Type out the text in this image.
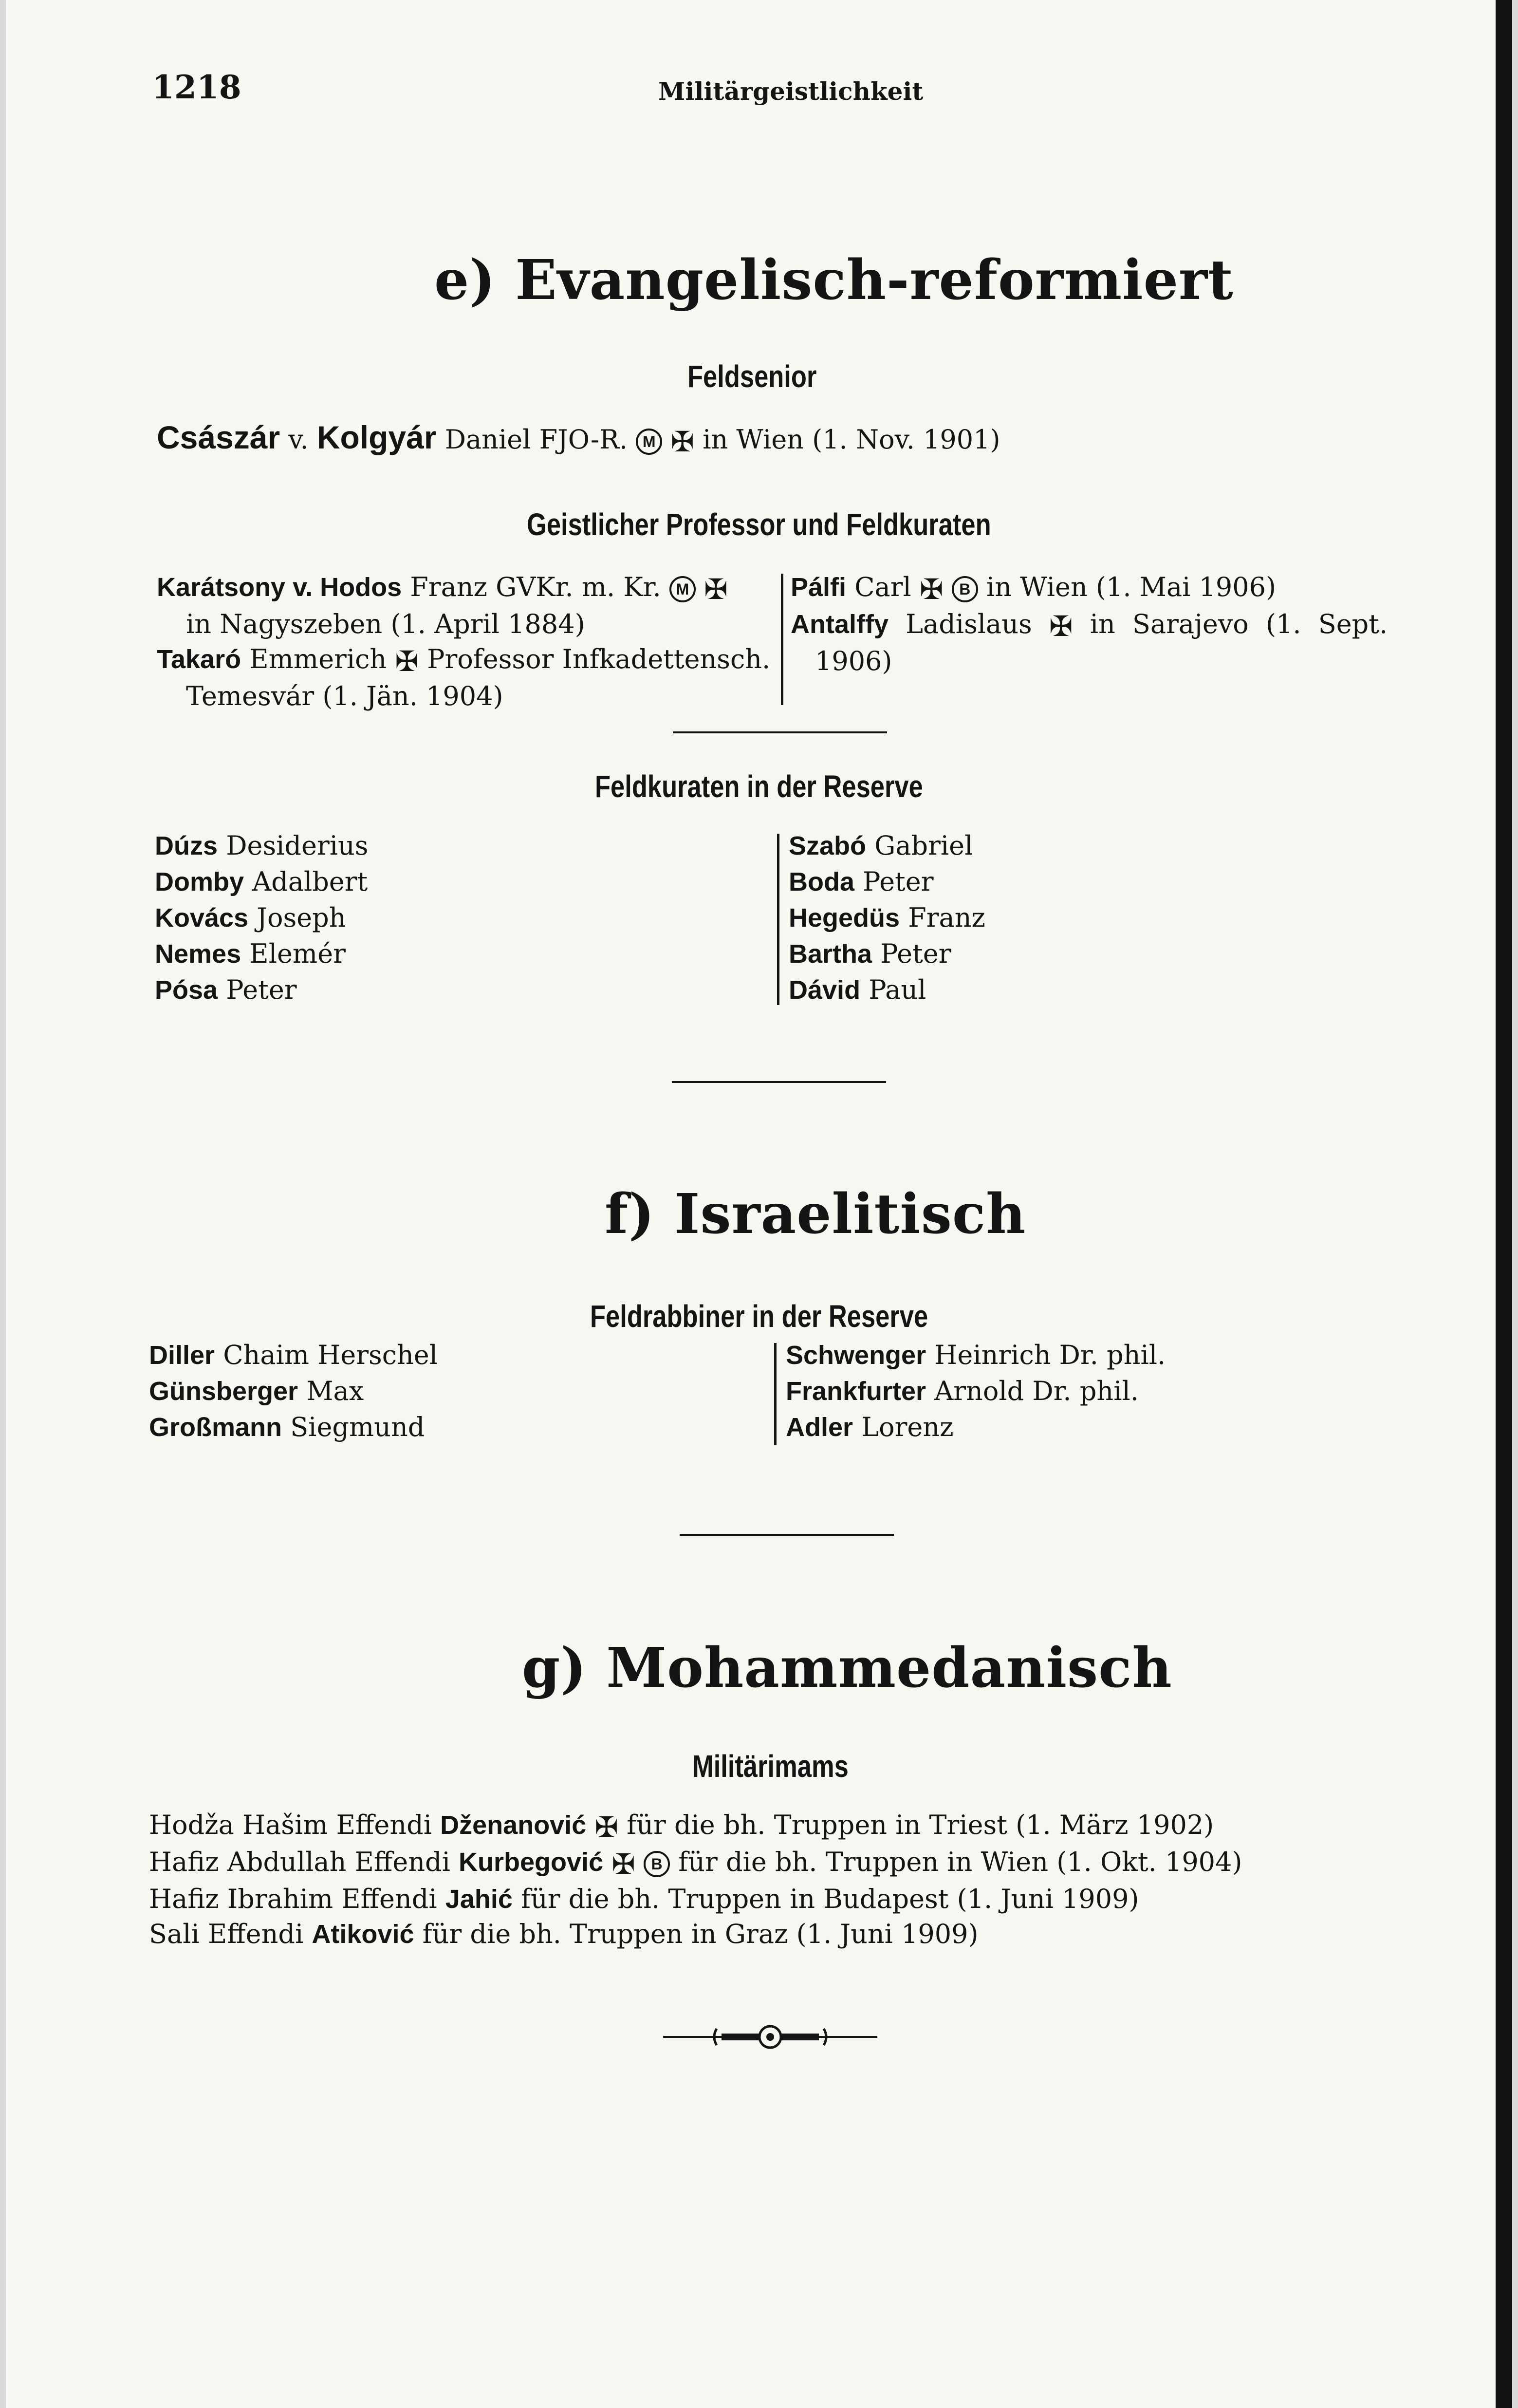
1218	Militärgeistlichkeit
e) Evangelisch-reformiert
Feldsenior
Császár v. Kolgyár Daniel FJO-R. M ✠ in Wien (1. Nov. 1901)
Geistlicher Professor und Feldkuraten
Karátsony v. Hodos Franz GVKr. m. Kr. M ✠
in Nagyszeben (1. April 1884)
Takaró Emmerich ✠ Professor Infkadettensch.
Temesvár (1. Jän. 1904)
Pálfi Carl ✠ B in Wien (1. Mai 1906)
Antalffy Ladislaus ✠ in Sarajevo (1. Sept.
1906)
Feldkuraten in der Reserve
Dúzs Desiderius
Domby Adalbert
Kovács Joseph
Nemes Elemér
Pósa Peter
Szabó Gabriel
Boda Peter
Hegedüs Franz
Bartha Peter
Dávid Paul
f) Israelitisch
Feldrabbiner in der Reserve
Diller Chaim Herschel
Günsberger Max
Großmann Siegmund
Schwenger Heinrich Dr. phil.
Frankfurter Arnold Dr. phil.
Adler Lorenz
g) Mohammedanisch
Militärimams
Hodža Hašim Effendi Dženanović ✠ für die bh. Truppen in Triest (1. März 1902)
Hafiz Abdullah Effendi Kurbegović ✠ B für die bh. Truppen in Wien (1. Okt. 1904)
Hafiz Ibrahim Effendi Jahić für die bh. Truppen in Budapest (1. Juni 1909)
Sali Effendi Atiković für die bh. Truppen in Graz (1. Juni 1909)
